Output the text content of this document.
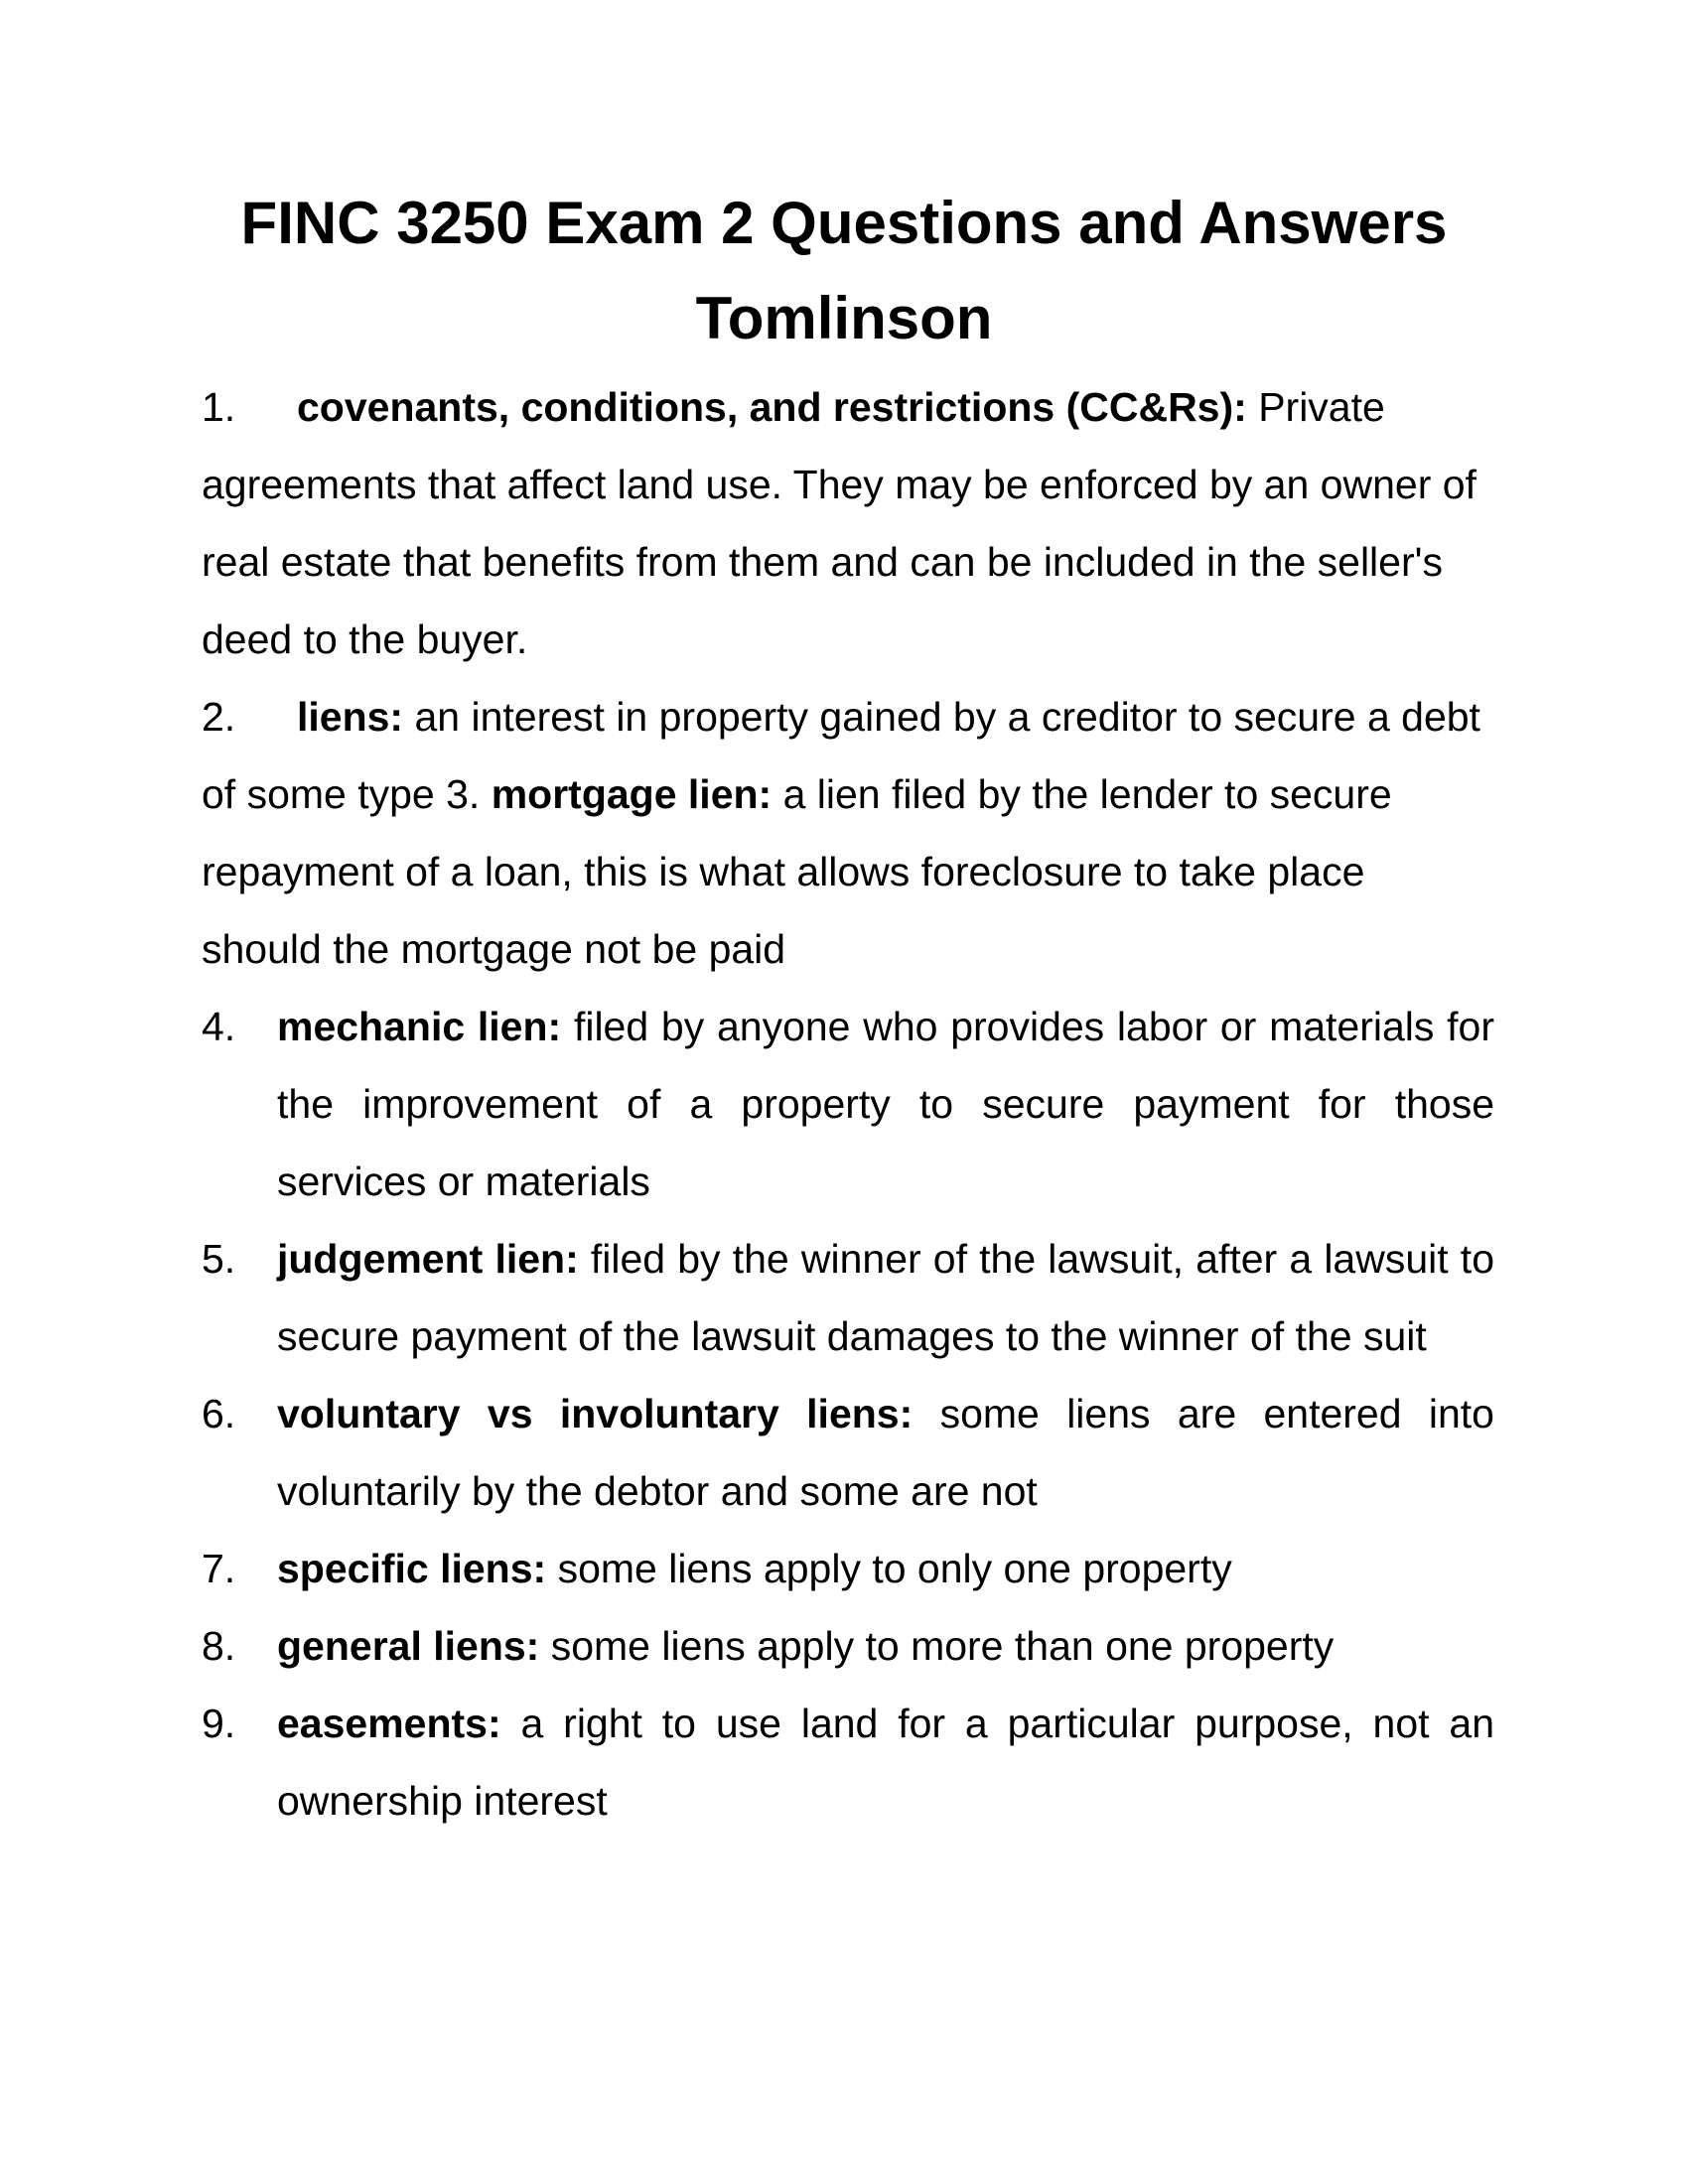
FINC 3250 Exam 2 Questions and Answers
Tomlinson

1. covenants, conditions, and restrictions (CC&Rs): Private agreements that affect land use. They may be enforced by an owner of real estate that benefits from them and can be included in the seller's deed to the buyer.

2. liens: an interest in property gained by a creditor to secure a debt of some type 3. mortgage lien: a lien filed by the lender to secure repayment of a loan, this is what allows foreclosure to take place should the mortgage not be paid

4. mechanic lien: filed by anyone who provides labor or materials for the improvement of a property to secure payment for those services or materials

5. judgement lien: filed by the winner of the lawsuit, after a lawsuit to secure payment of the lawsuit damages to the winner of the suit

6. voluntary vs involuntary liens: some liens are entered into voluntarily by the debtor and some are not

7. specific liens: some liens apply to only one property

8. general liens: some liens apply to more than one property

9. easements: a right to use land for a particular purpose, not an ownership interest
